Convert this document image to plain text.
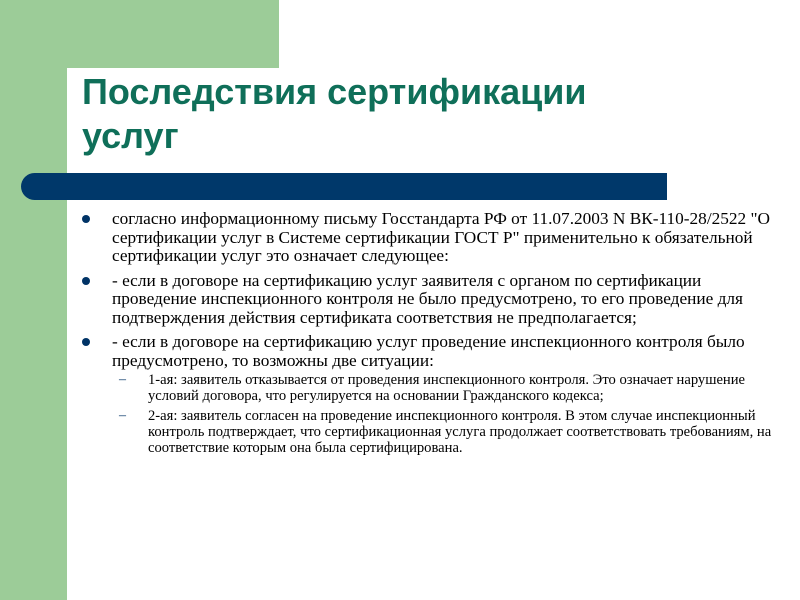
Последствия сертификации услуг
согласно информационному письму Госстандарта РФ от 11.07.2003 N ВК-110-28/2522 "О сертификации услуг в Системе сертификации ГОСТ Р" применительно к обязательной сертификации услуг это означает следующее:
- если в договоре на сертификацию услуг заявителя с органом по сертификации проведение инспекционного контроля не было предусмотрено, то его проведение для подтверждения действия сертификата соответствия не предполагается;
- если в договоре на сертификацию услуг проведение инспекционного контроля было предусмотрено, то возможны две ситуации:
– 1-ая: заявитель отказывается от проведения инспекционного контроля. Это означает нарушение условий договора, что регулируется на основании Гражданского кодекса;
– 2-ая: заявитель согласен на проведение инспекционного контроля. В этом случае инспекционный контроль подтверждает, что сертификационная услуга продолжает соответствовать требованиям, на соответствие которым она была сертифицирована.
